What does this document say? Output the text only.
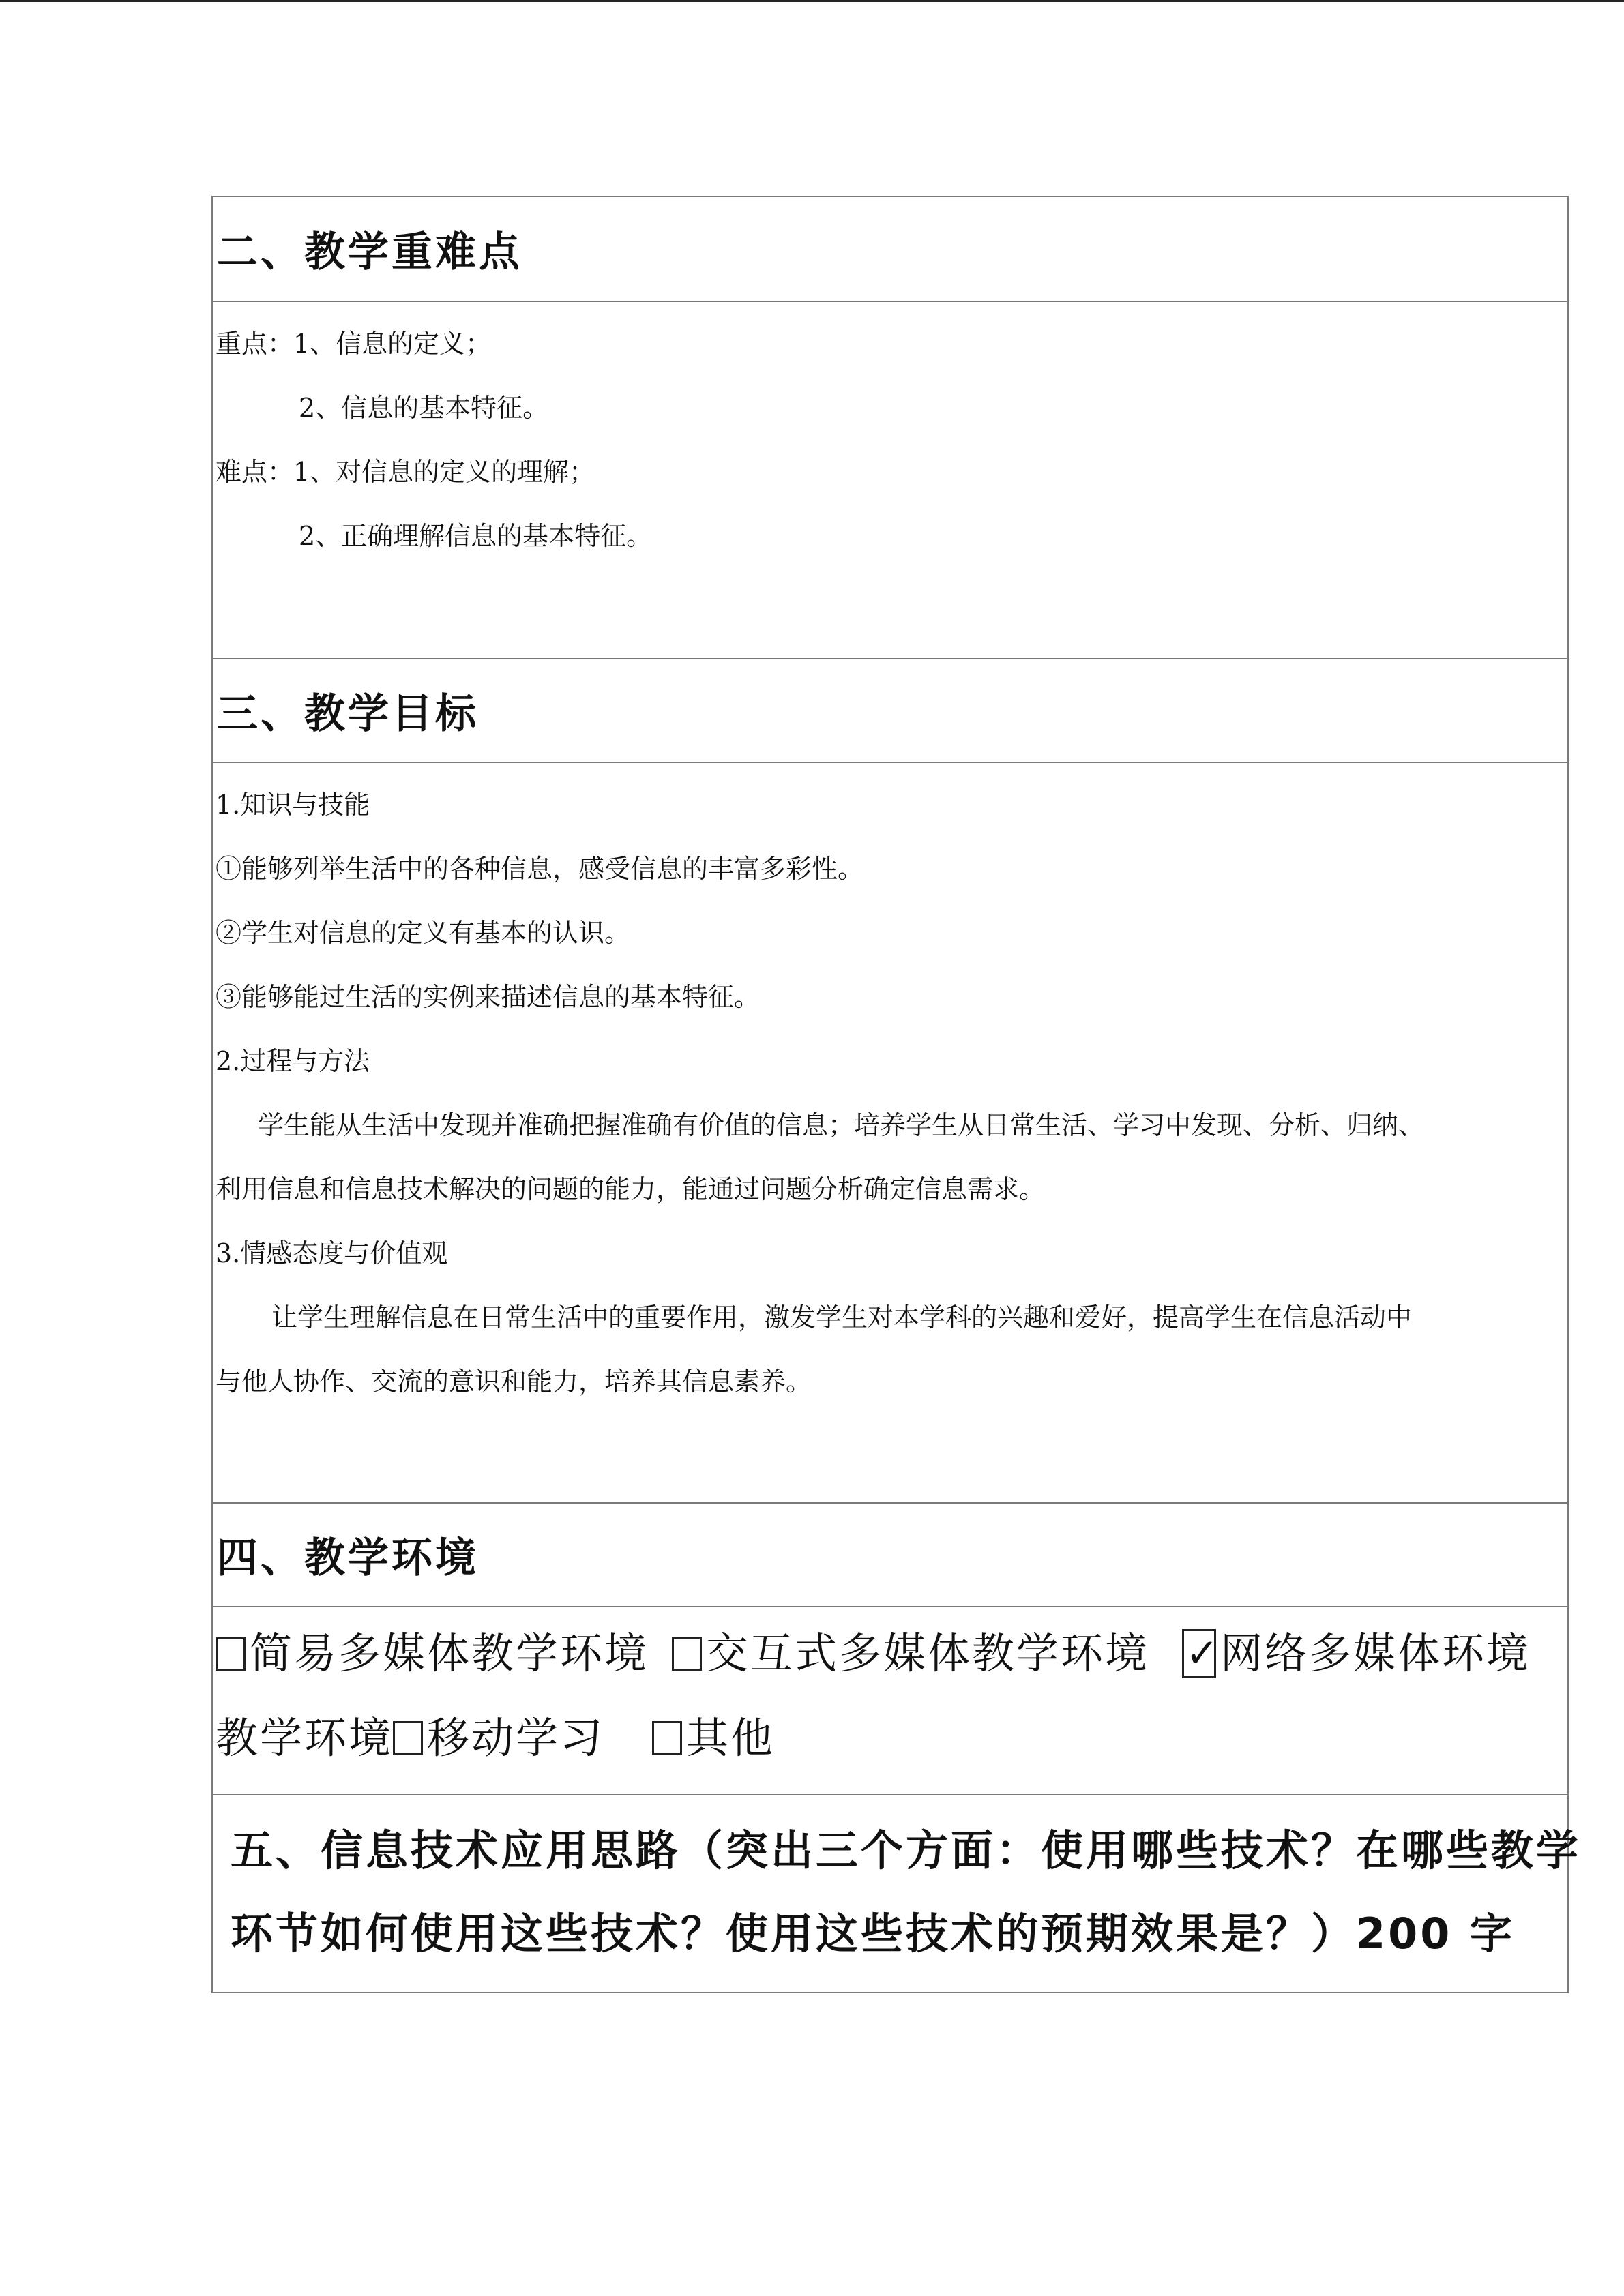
二、教学重难点
重点：1、信息的定义；
2、信息的基本特征。
难点：1、对信息的定义的理解；
2、正确理解信息的基本特征。
三、教学目标
1.知识与技能
①能够列举生活中的各种信息，感受信息的丰富多彩性。
②学生对信息的定义有基本的认识。
③能够能过生活的实例来描述信息的基本特征。
2.过程与方法
学生能从生活中发现并准确把握准确有价值的信息；培养学生从日常生活、学习中发现、分析、归纳、
利用信息和信息技术解决的问题的能力，能通过问题分析确定信息需求。
3.情感态度与价值观
让学生理解信息在日常生活中的重要作用，激发学生对本学科的兴趣和爱好，提高学生在信息活动中
与他人协作、交流的意识和能力，培养其信息素养。
四、教学环境
简易多媒体教学环境 交互式多媒体教学环境
✓ 网络多媒体环境
教学环境 移动学习 其他
五、信息技术应用思路（突出三个方面：使用哪些技术？在哪些教学
环节如何使用这些技术？使用这些技术的预期效果是？）200 字
